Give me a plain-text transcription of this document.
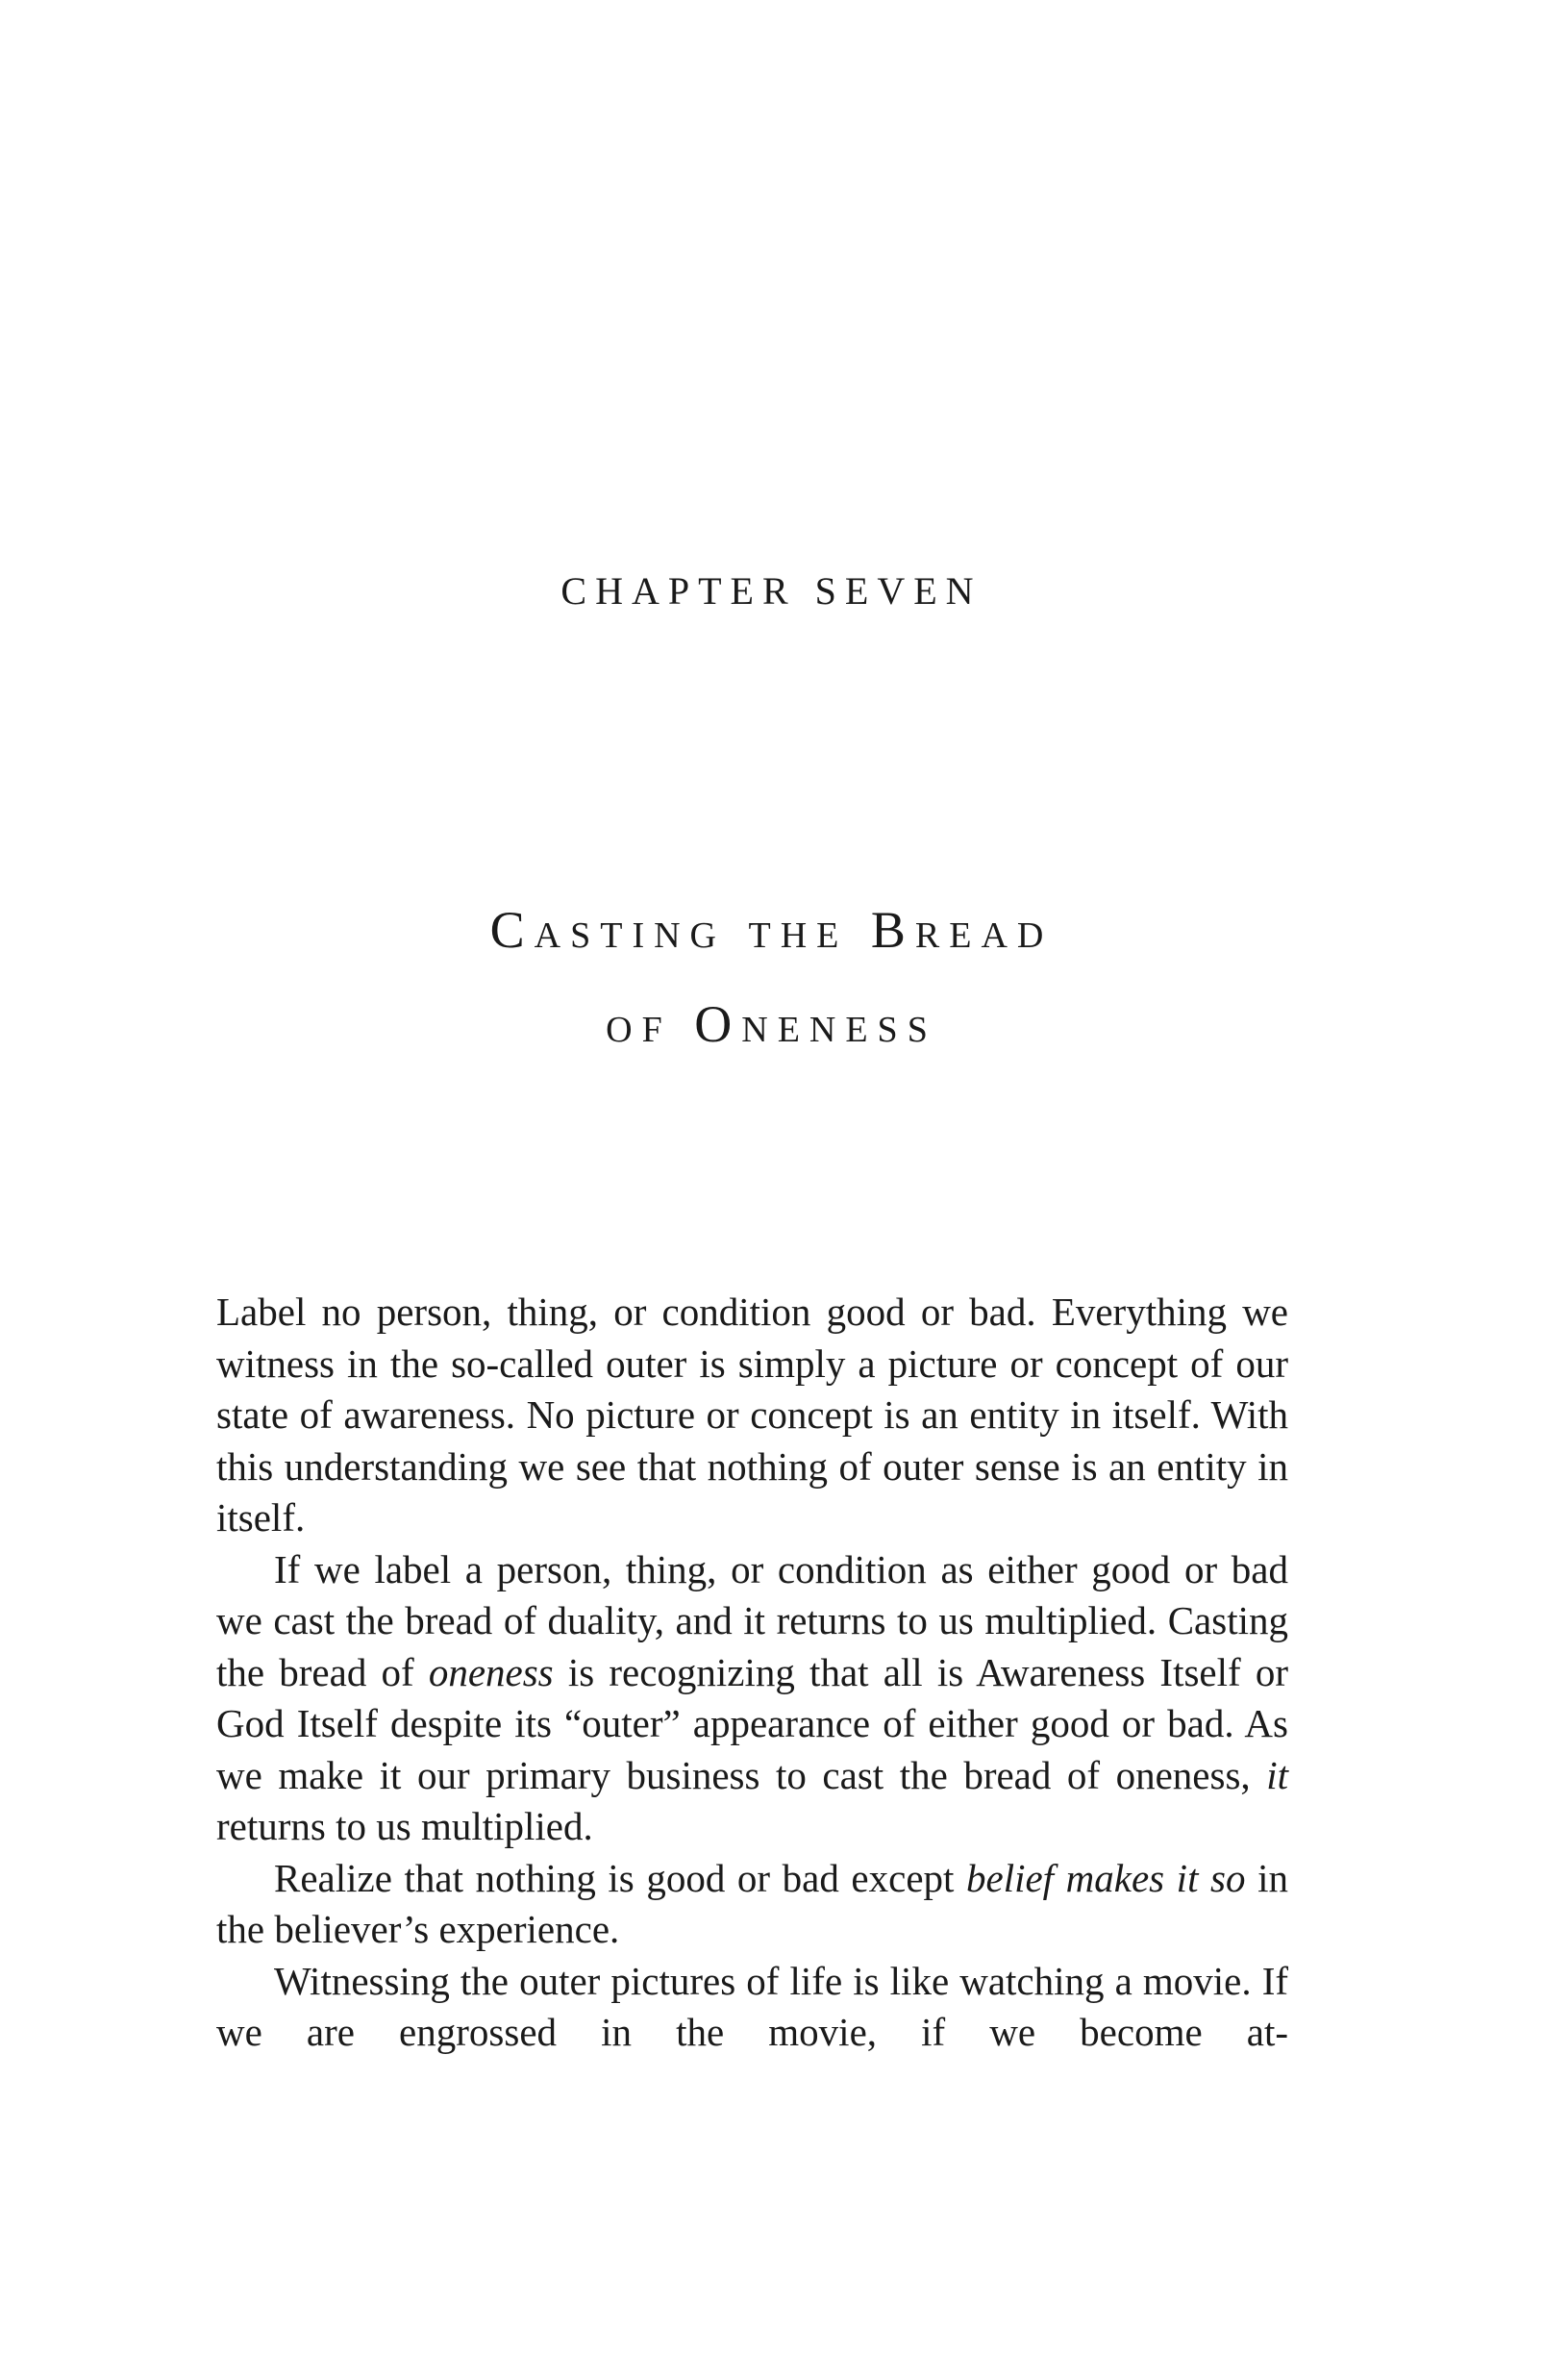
CHAPTER SEVEN
Casting the Bread
of Oneness

Label no person, thing, or condition good or bad. Everything we witness in the so-called outer is simply a picture or concept of our state of awareness. No picture or concept is an entity in itself. With this understanding we see that nothing of outer sense is an entity in itself.

If we label a person, thing, or condition as either good or bad we cast the bread of duality, and it returns to us multiplied. Casting the bread of oneness is recognizing that all is Awareness Itself or God Itself despite its “outer” appearance of either good or bad. As we make it our primary business to cast the bread of oneness, it returns to us multiplied.

Realize that nothing is good or bad except belief makes it so in the believer’s experience.

Witnessing the outer pictures of life is like watching a movie. If we are engrossed in the movie, if we become at-
